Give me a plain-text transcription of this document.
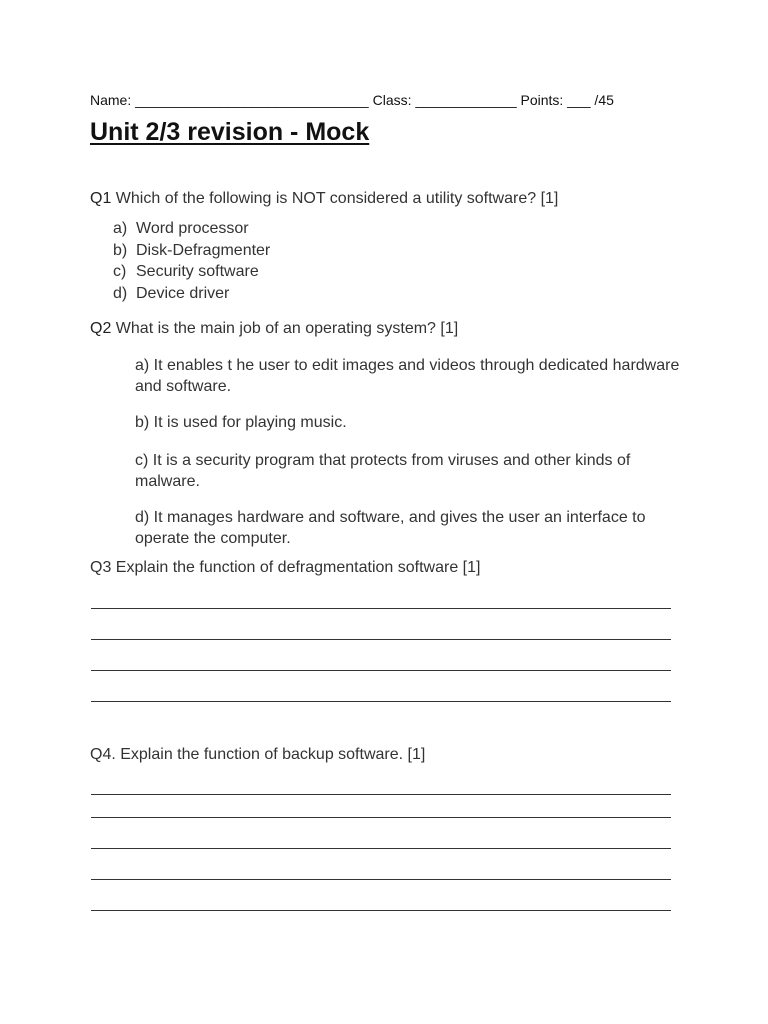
Name: ______________________________ Class: _____________ Points: ___ /45
Unit 2/3 revision - Mock
Q1 Which of the following is NOT considered a utility software? [1]
a) Word processor
b) Disk-Defragmenter
c) Security software
d) Device driver
Q2 What is the main job of an operating system? [1]
a) It enables t he user to edit images and videos through dedicated hardware and software.
b) It is used for playing music.
c) It is a security program that protects from viruses and other kinds of malware.
d) It manages hardware and software, and gives the user an interface to operate the computer.
Q3 Explain the function of defragmentation software [1]
Q4. Explain the function of backup software. [1]
